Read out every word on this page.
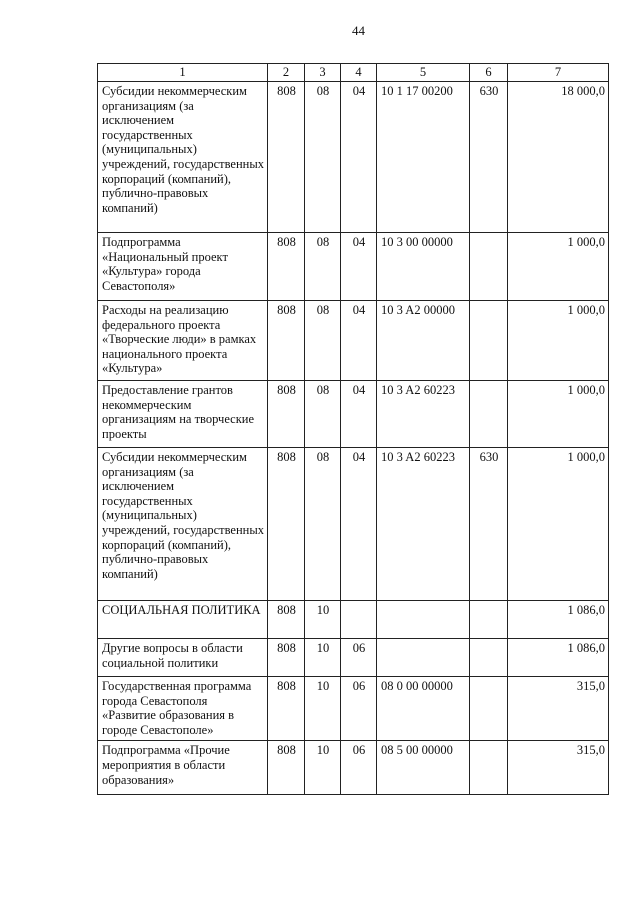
44
1	2	3	4	5	6	7
Субсидии некоммерческим организациям (за исключением государственных (муниципальных) учреждений, государственных корпораций (компаний), публично-правовых компаний)	808	08	04	10 1 17 00200	630	18 000,0
Подпрограмма «Национальный проект «Культура» города Севастополя»	808	08	04	10 3 00 00000		1 000,0
Расходы на реализацию федерального проекта «Творческие люди» в рамках национального проекта «Культура»	808	08	04	10 3 A2 00000		1 000,0
Предоставление грантов некоммерческим организациям на творческие проекты	808	08	04	10 3 A2 60223		1 000,0
Субсидии некоммерческим организациям (за исключением государственных (муниципальных) учреждений, государственных корпораций (компаний), публично-правовых компаний)	808	08	04	10 3 A2 60223	630	1 000,0
СОЦИАЛЬНАЯ ПОЛИТИКА	808	10				1 086,0
Другие вопросы в области социальной политики	808	10	06			1 086,0
Государственная программа города Севастополя «Развитие образования в городе Севастополе»	808	10	06	08 0 00 00000		315,0
Подпрограмма «Прочие мероприятия в области образования»	808	10	06	08 5 00 00000		315,0
